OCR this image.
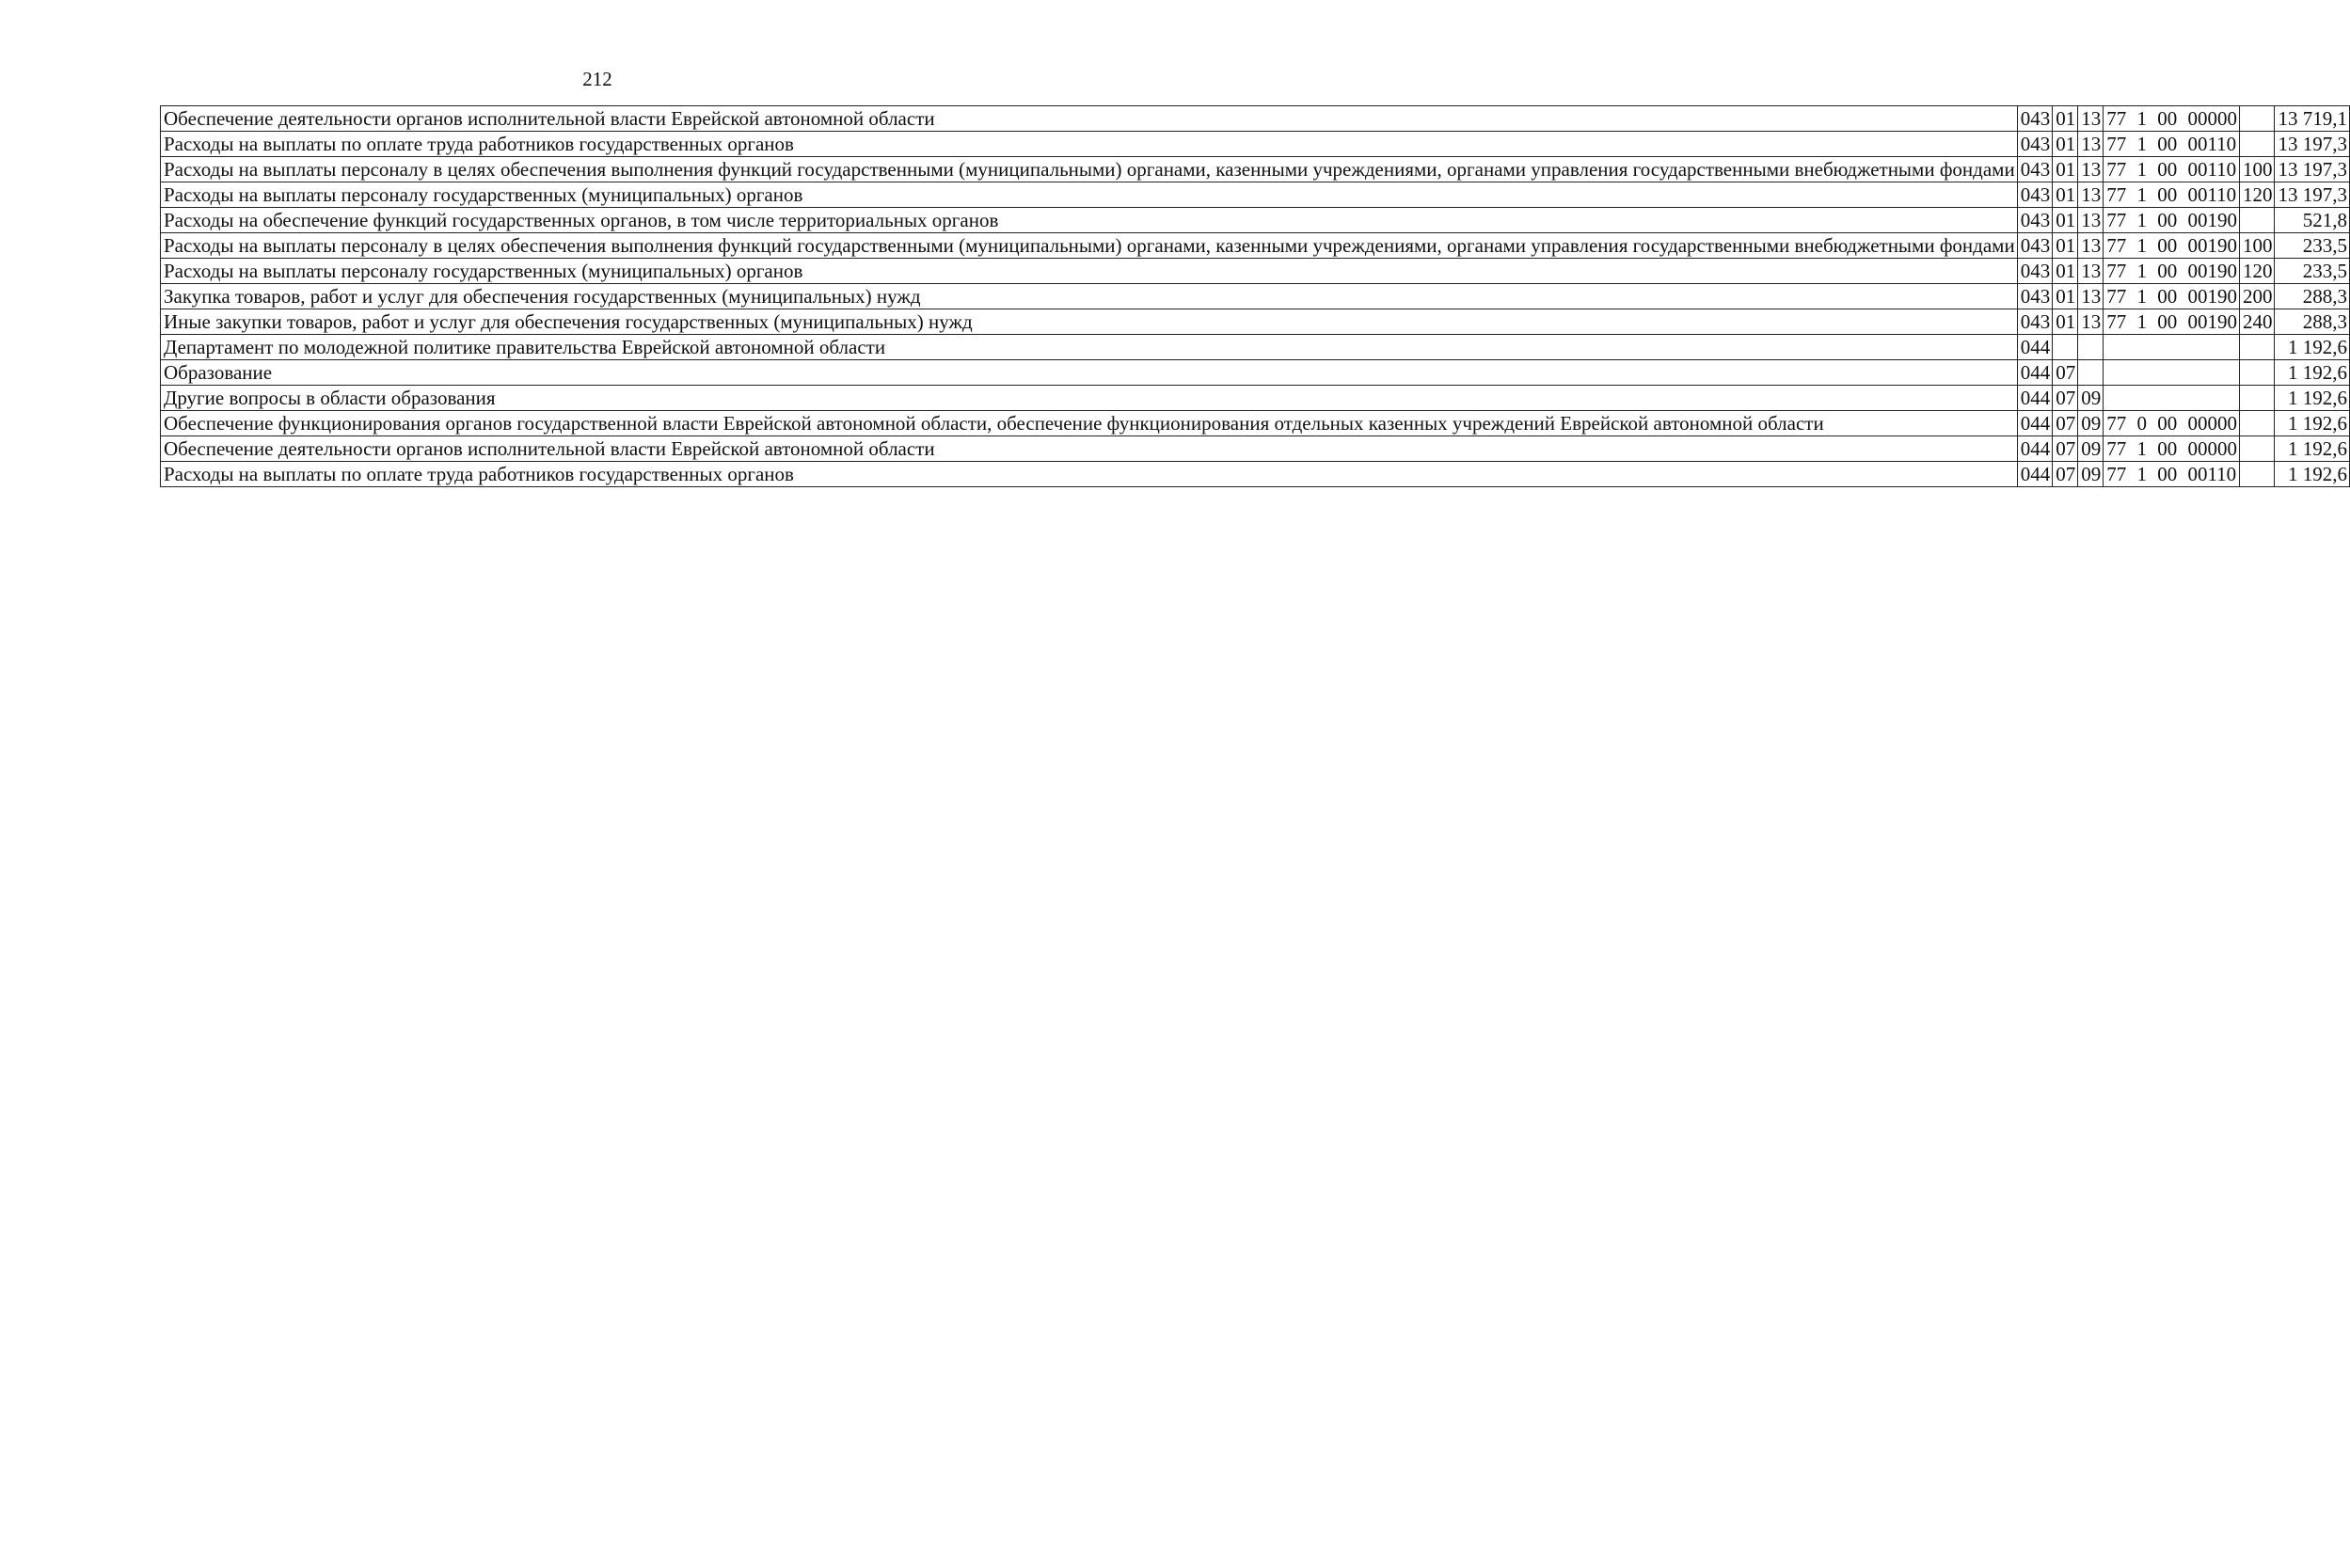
212
Обеспечение деятельности органов исполнительной власти Еврейской автономной области	043	01	13	77 1 00 00000		13 719,1
Расходы на выплаты по оплате труда работников государственных органов	043	01	13	77 1 00 00110		13 197,3
Расходы на выплаты персоналу в целях обеспечения выполнения функций государственными (муниципальными) органами, казенными учреждениями, органами управления государственными внебюджетными фондами	043	01	13	77 1 00 00110	100	13 197,3
Расходы на выплаты персоналу государственных (муниципальных) органов	043	01	13	77 1 00 00110	120	13 197,3
Расходы на обеспечение функций государственных органов, в том числе территориальных органов	043	01	13	77 1 00 00190		521,8
Расходы на выплаты персоналу в целях обеспечения выполнения функций государственными (муниципальными) органами, казенными учреждениями, органами управления государственными внебюджетными фондами	043	01	13	77 1 00 00190	100	233,5
Расходы на выплаты персоналу государственных (муниципальных) органов	043	01	13	77 1 00 00190	120	233,5
Закупка товаров, работ и услуг для обеспечения государственных (муниципальных) нужд	043	01	13	77 1 00 00190	200	288,3
Иные закупки товаров, работ и услуг для обеспечения государственных (муниципальных) нужд	043	01	13	77 1 00 00190	240	288,3
Департамент по молодежной политике правительства Еврейской автономной области	044					1 192,6
Образование	044	07				1 192,6
Другие вопросы в области образования	044	07	09			1 192,6
Обеспечение функционирования органов государственной власти Еврейской автономной области, обеспечение функционирования отдельных казенных учреждений Еврейской автономной области	044	07	09	77 0 00 00000		1 192,6
Обеспечение деятельности органов исполнительной власти Еврейской автономной области	044	07	09	77 1 00 00000		1 192,6
Расходы на выплаты по оплате труда работников государственных органов	044	07	09	77 1 00 00110		1 192,6
